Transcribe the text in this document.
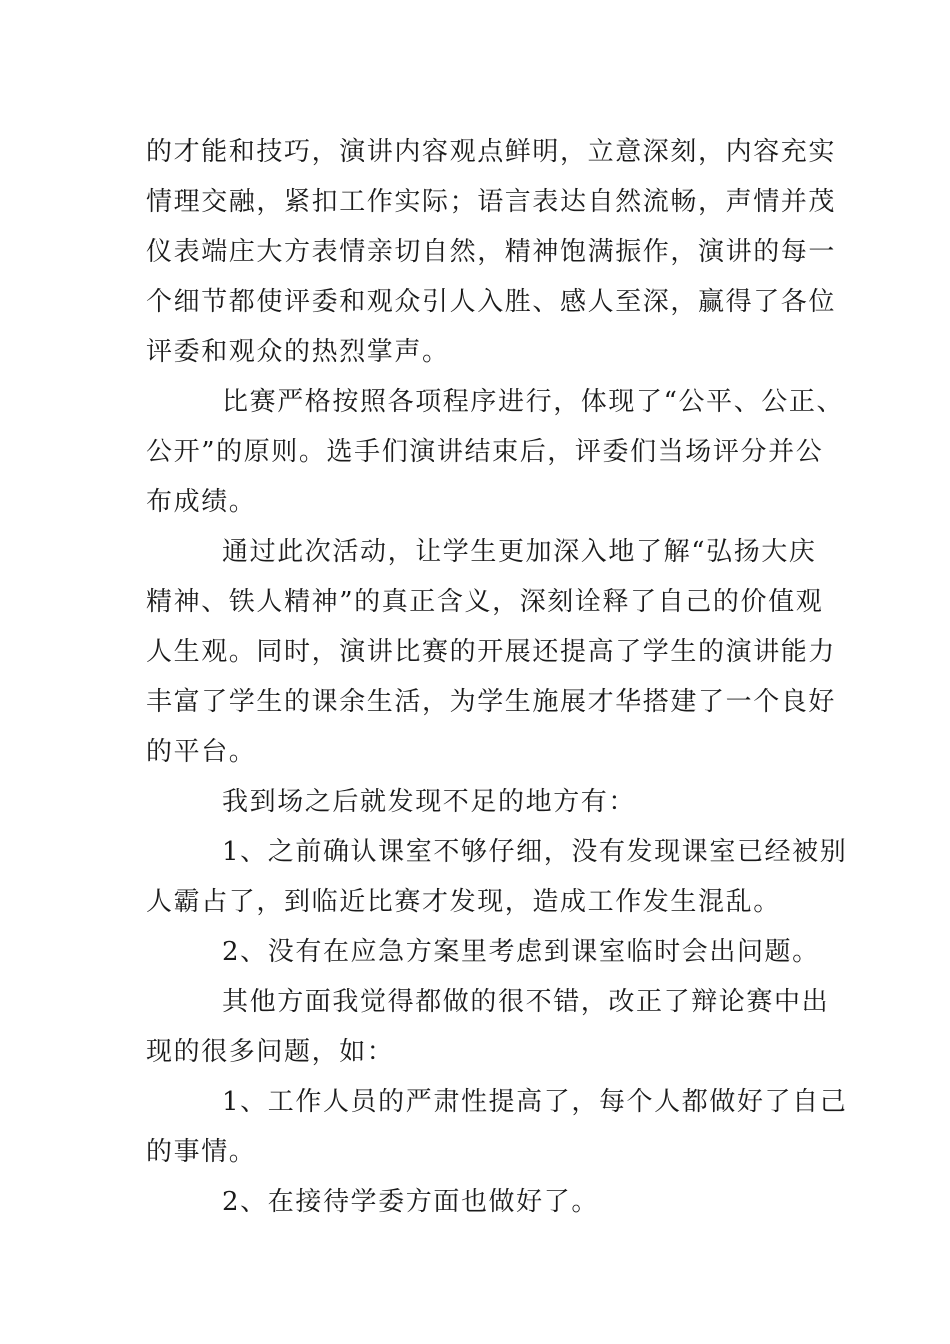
的才能和技巧，演讲内容观点鲜明，立意深刻，内容充实
情理交融，紧扣工作实际；语言表达自然流畅，声情并茂
仪表端庄大方表情亲切自然，精神饱满振作，演讲的每一
个细节都使评委和观众引人入胜、感人至深，赢得了各位
评委和观众的热烈掌声。
比赛严格按照各项程序进行，体现了“公平、公正、
公开”的原则。选手们演讲结束后，评委们当场评分并公
布成绩。
通过此次活动，让学生更加深入地了解“弘扬大庆
精神、铁人精神”的真正含义，深刻诠释了自己的价值观
人生观。同时，演讲比赛的开展还提高了学生的演讲能力
丰富了学生的课余生活，为学生施展才华搭建了一个良好
的平台。
我到场之后就发现不足的地方有：
1、之前确认课室不够仔细，没有发现课室已经被别
人霸占了，到临近比赛才发现，造成工作发生混乱。
2、没有在应急方案里考虑到课室临时会出问题。
其他方面我觉得都做的很不错，改正了辩论赛中出
现的很多问题，如：
1、工作人员的严肃性提高了，每个人都做好了自己
的事情。
2、在接待学委方面也做好了。
